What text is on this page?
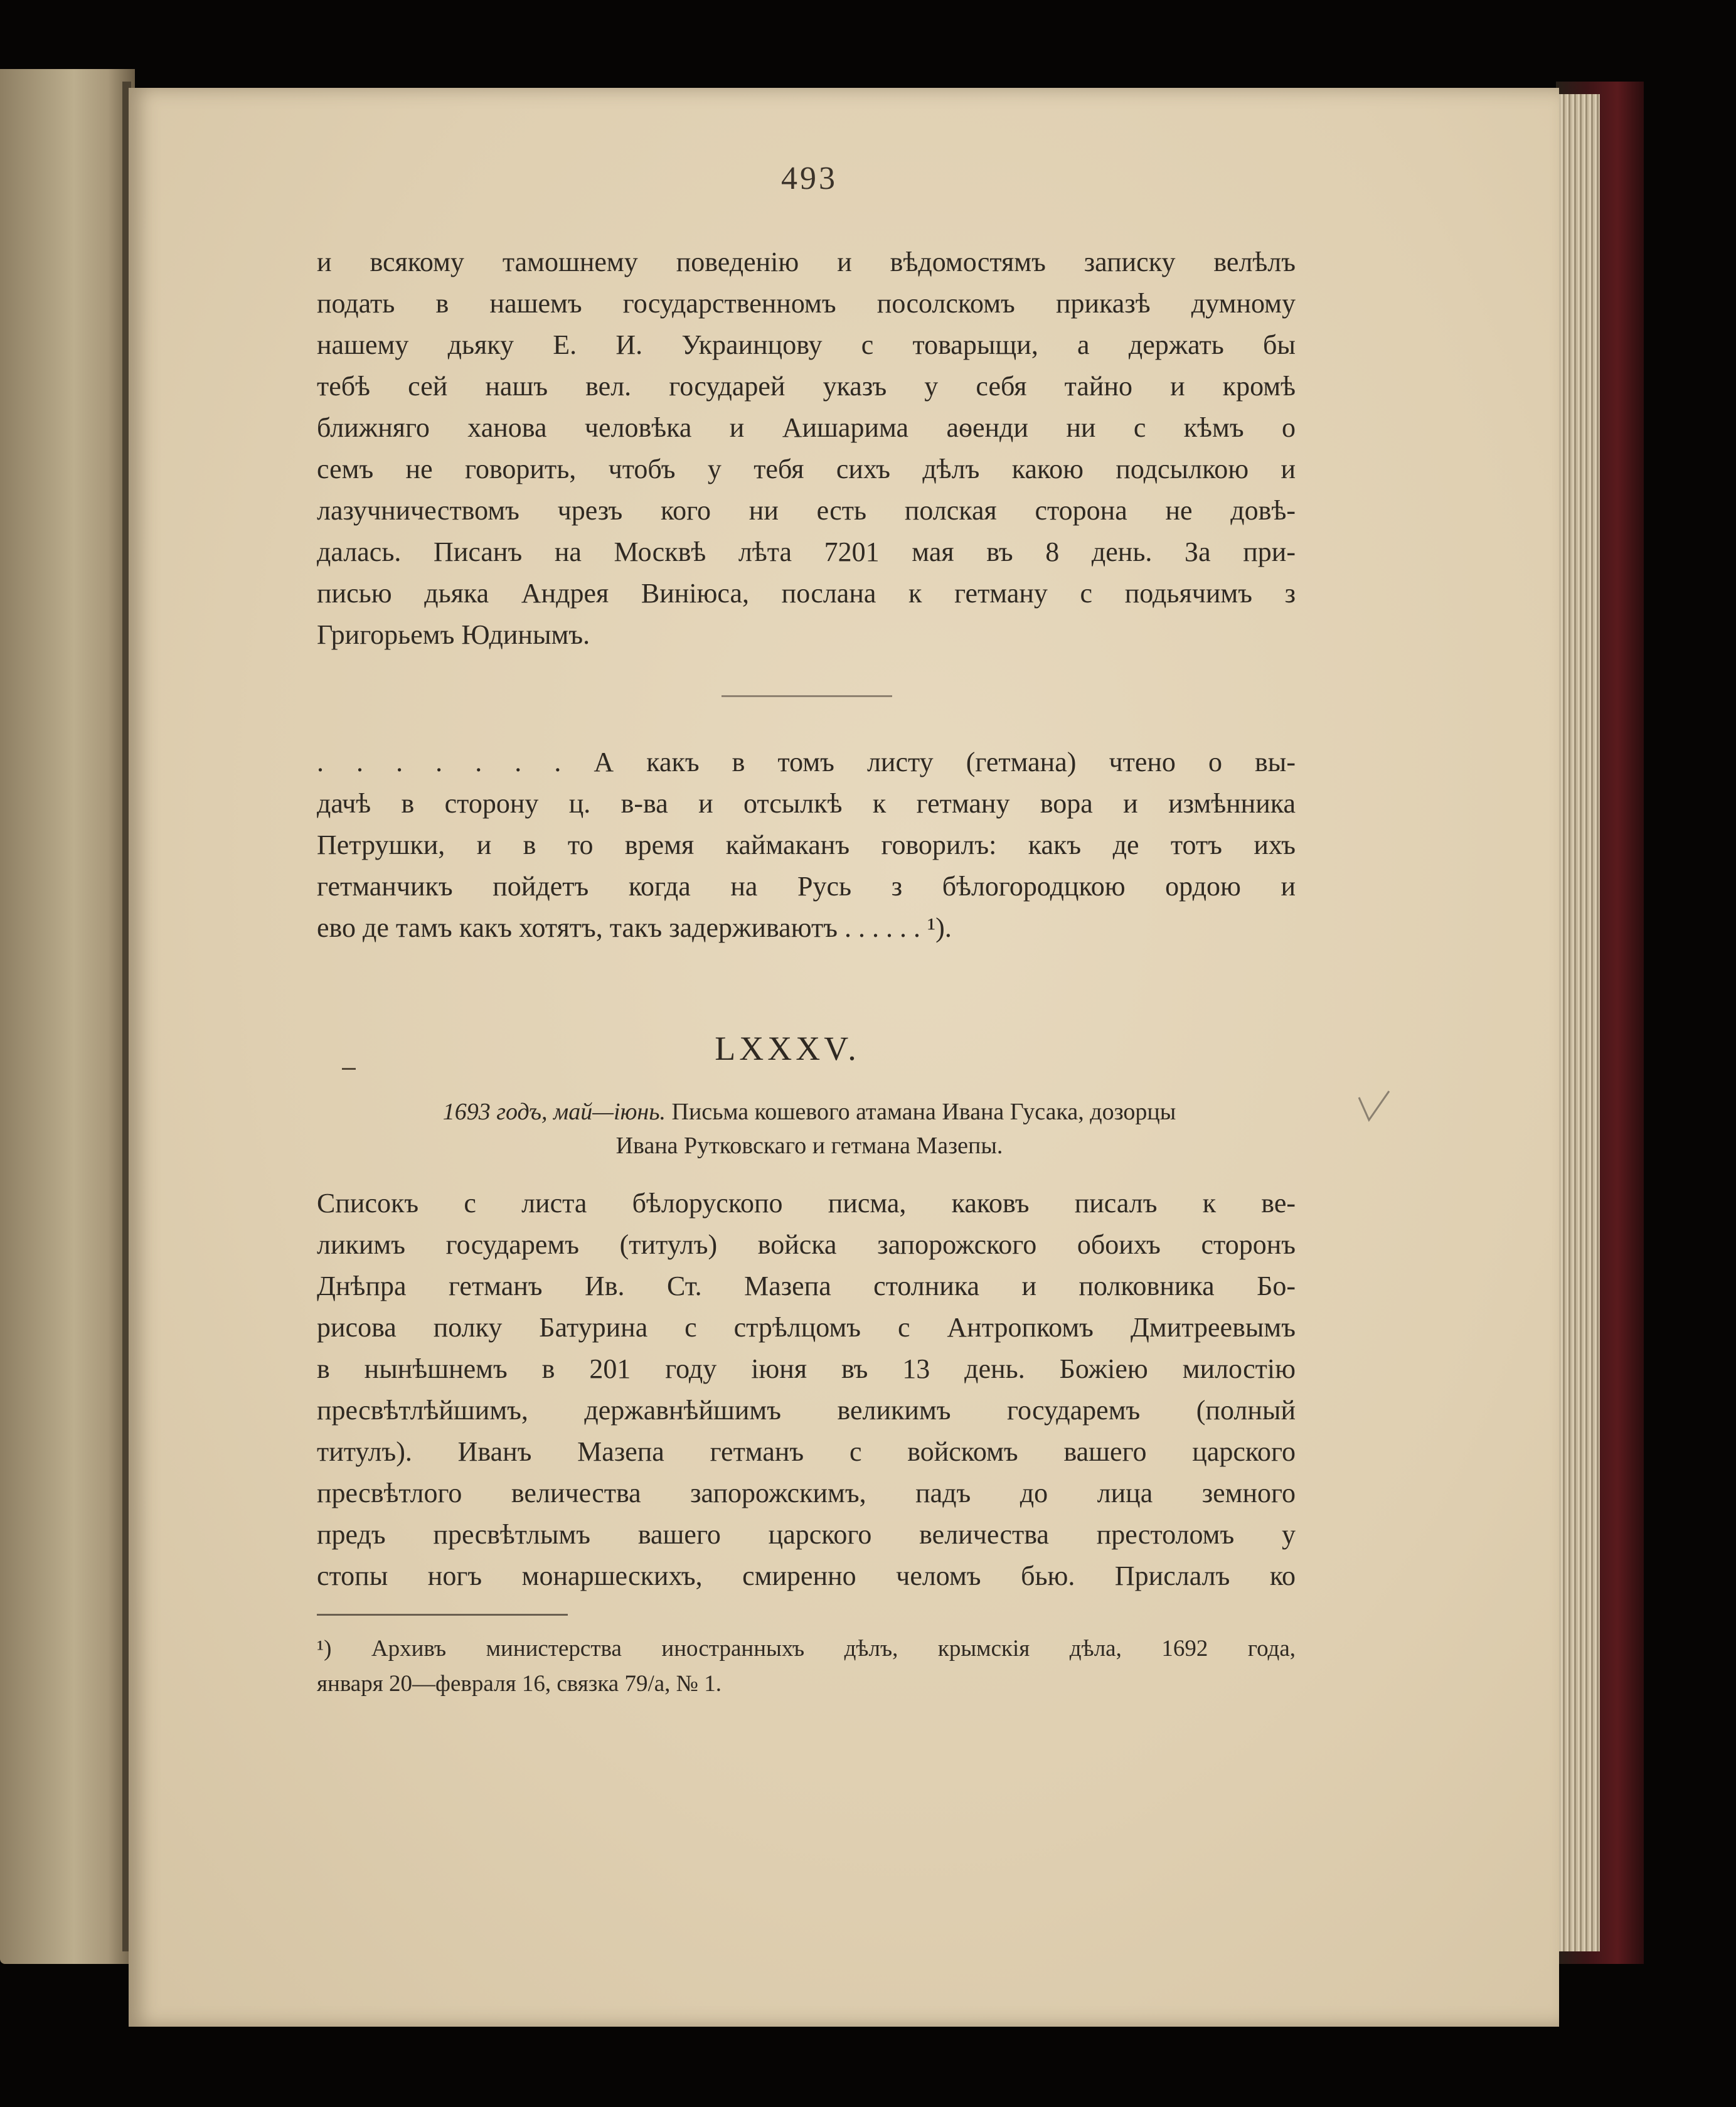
493
и всякому тамошнему поведенію и вѣдомостямъ записку велѣлъ
подать в нашемъ государственномъ посолскомъ приказѣ думному
нашему дьяку Е. И. Украинцову с товарыщи, а держать бы
тебѣ сей нашъ вел. государей указъ у себя тайно и кромѣ
ближняго ханова человѣка и Аишарима аѳенди ни с кѣмъ о
семъ не говорить, чтобъ у тебя сихъ дѣлъ какою подсылкою и
лазучничествомъ чрезъ кого ни есть полская сторона не довѣ-
далась. Писанъ на Москвѣ лѣта 7201 мая въ 8 день. За при-
писью дьяка Андрея Виніюса, послана к гетману с подьячимъ з
Григорьемъ Юдинымъ.
. . . . . . . А какъ в томъ листу (гетмана) чтено о вы-
дачѣ в сторону ц. в-ва и отсылкѣ к гетману вора и измѣнника
Петрушки, и в то время каймаканъ говорилъ: какъ де тотъ ихъ
гетманчикъ пойдетъ когда на Русь з бѣлогородцкою ордою и
ево де тамъ какъ хотятъ, такъ задерживаютъ . . . . . . ¹).
LXXXV.
1693 годъ, май—іюнь. Письма кошевого атамана Ивана Гусака, дозорцы
Ивана Рутковскаго и гетмана Мазепы.
Списокъ с листа бѣлорускопо писма, каковъ писалъ к ве-
ликимъ государемъ (титулъ) войска запорожского обоихъ сторонъ
Днѣпра гетманъ Ив. Ст. Мазепа столника и полковника Бо-
рисова полку Батурина с стрѣлцомъ с Антропкомъ Дмитреевымъ
в нынѣшнемъ в 201 году іюня въ 13 день. Божіею милостію
пресвѣтлѣйшимъ, державнѣйшимъ великимъ государемъ (полный
титулъ). Иванъ Мазепа гетманъ с войскомъ вашего царского
пресвѣтлого величества запорожскимъ, падъ до лица земного
предъ пресвѣтлымъ вашего царского величества престоломъ у
стопы ногъ монаршескихъ, смиренно челомъ бью. Прислалъ ко
¹) Архивъ министерства иностранныхъ дѣлъ, крымскія дѣла, 1692 года,
января 20—февраля 16, связка 79/а, № 1.
